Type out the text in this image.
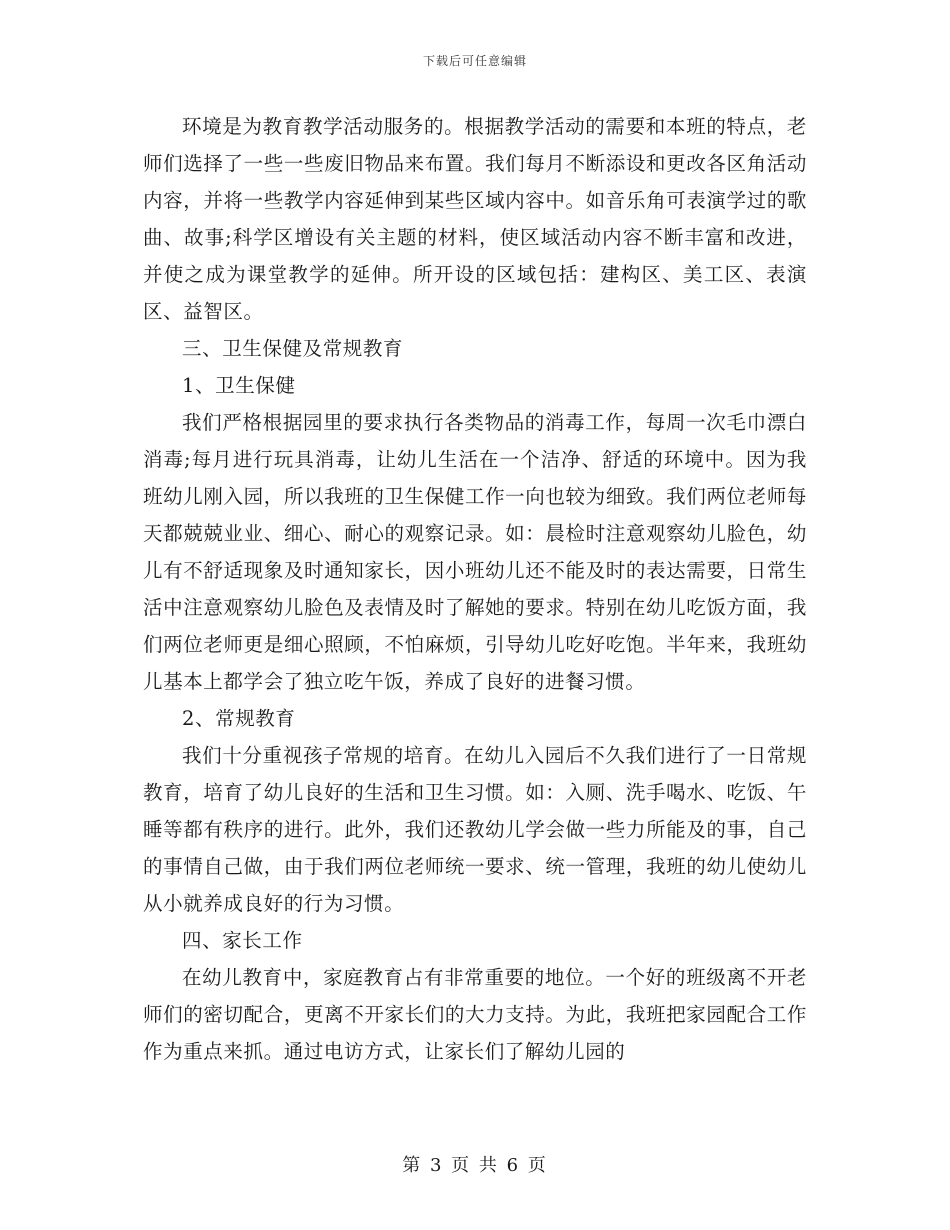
下载后可任意编辑

环境是为教育教学活动服务的。根据教学活动的需要和本班的特点，老师们选择了一些一些废旧物品来布置。我们每月不断添设和更改各区角活动内容，并将一些教学内容延伸到某些区域内容中。如音乐角可表演学过的歌曲、故事;科学区增设有关主题的材料，使区域活动内容不断丰富和改进，并使之成为课堂教学的延伸。所开设的区域包括：建构区、美工区、表演区、益智区。

三、卫生保健及常规教育

1、卫生保健

我们严格根据园里的要求执行各类物品的消毒工作，每周一次毛巾漂白消毒;每月进行玩具消毒，让幼儿生活在一个洁净、舒适的环境中。因为我班幼儿刚入园，所以我班的卫生保健工作一向也较为细致。我们两位老师每天都兢兢业业、细心、耐心的观察记录。如：晨检时注意观察幼儿脸色，幼儿有不舒适现象及时通知家长，因小班幼儿还不能及时的表达需要，日常生活中注意观察幼儿脸色及表情及时了解她的要求。特别在幼儿吃饭方面，我们两位老师更是细心照顾，不怕麻烦，引导幼儿吃好吃饱。半年来，我班幼儿基本上都学会了独立吃午饭，养成了良好的进餐习惯。

2、常规教育

我们十分重视孩子常规的培育。在幼儿入园后不久我们进行了一日常规教育，培育了幼儿良好的生活和卫生习惯。如：入厕、洗手喝水、吃饭、午睡等都有秩序的进行。此外，我们还教幼儿学会做一些力所能及的事，自己的事情自己做，由于我们两位老师统一要求、统一管理，我班的幼儿使幼儿从小就养成良好的行为习惯。

四、家长工作

在幼儿教育中，家庭教育占有非常重要的地位。一个好的班级离不开老师们的密切配合，更离不开家长们的大力支持。为此，我班把家园配合工作作为重点来抓。通过电访方式，让家长们了解幼儿园的

第 3 页 共 6 页
